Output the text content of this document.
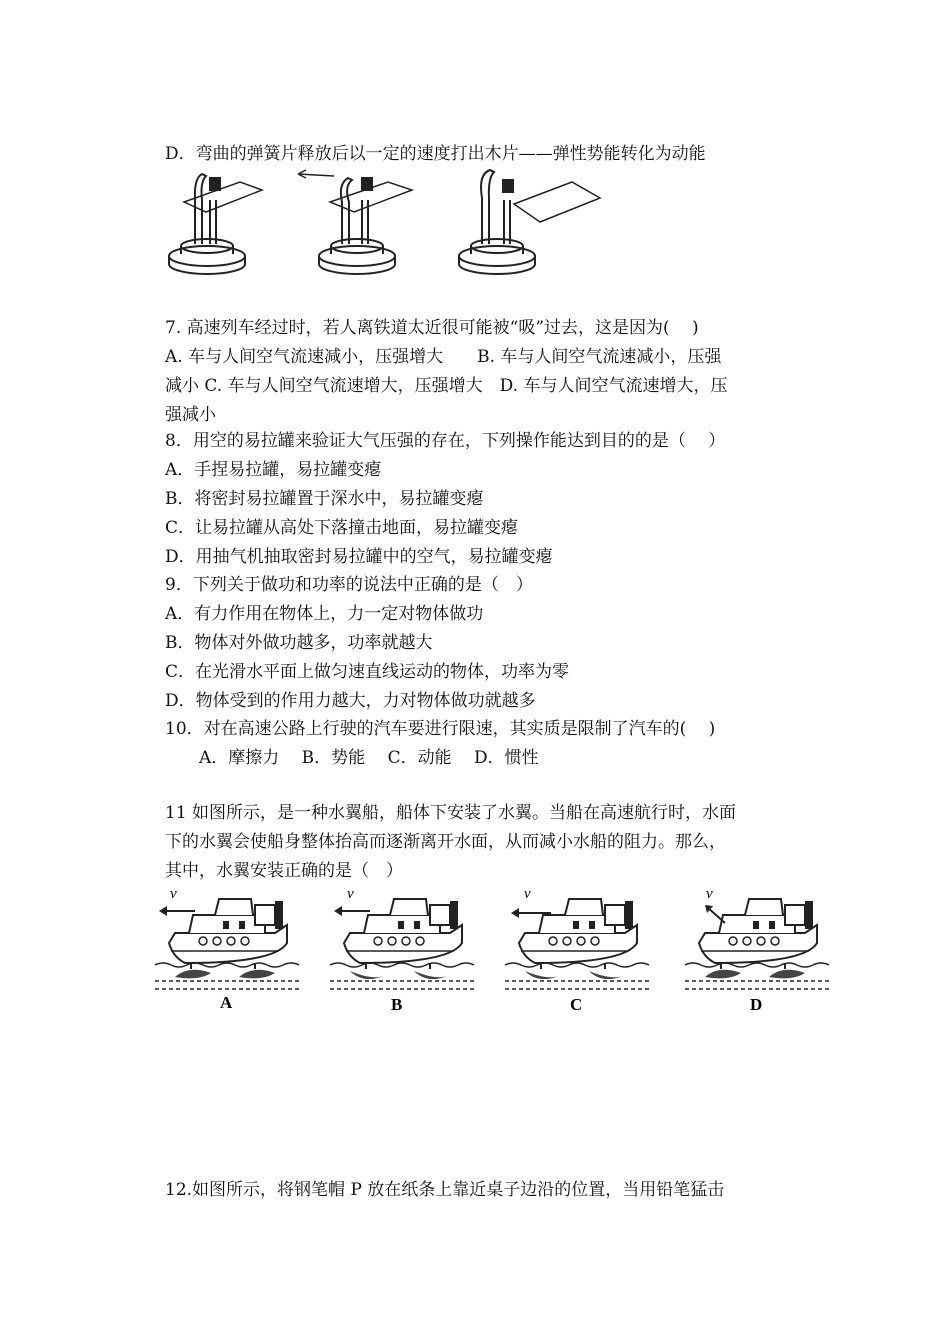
D．弯曲的弹簧片释放后以一定的速度打出木片——弹性势能转化为动能
7. 高速列车经过时，若人离铁道太近很可能被“吸”过去，这是因为(　 )
A. 车与人间空气流速减小，压强增大　　B. 车与人间空气流速减小，压强
减小 C. 车与人间空气流速增大，压强增大　D. 车与人间空气流速增大，压
强减小
8．用空的易拉罐来验证大气压强的存在，下列操作能达到目的的是（　 ）
A．手捏易拉罐，易拉罐变瘪
B．将密封易拉罐置于深水中，易拉罐变瘪
C．让易拉罐从高处下落撞击地面，易拉罐变瘪
D．用抽气机抽取密封易拉罐中的空气，易拉罐变瘪
9．下列关于做功和功率的说法中正确的是（　）
A．有力作用在物体上，力一定对物体做功
B．物体对外做功越多，功率就越大
C．在光滑水平面上做匀速直线运动的物体，功率为零
D．物体受到的作用力越大，力对物体做功就越多
10．对在高速公路上行驶的汽车要进行限速，其实质是限制了汽车的(　 )
　　A．摩擦力　 B．势能　 C．动能　 D．惯性
11 如图所示，是一种水翼船，船体下安装了水翼。当船在高速航行时，水面
下的水翼会使船身整体抬高而逐渐离开水面，从而减小水船的阻力。那么，
其中，水翼安装正确的是（　）
v	v	v	v
A	B	C	D
12.如图所示，将钢笔帽 P 放在纸条上靠近桌子边沿的位置，当用铅笔猛击
